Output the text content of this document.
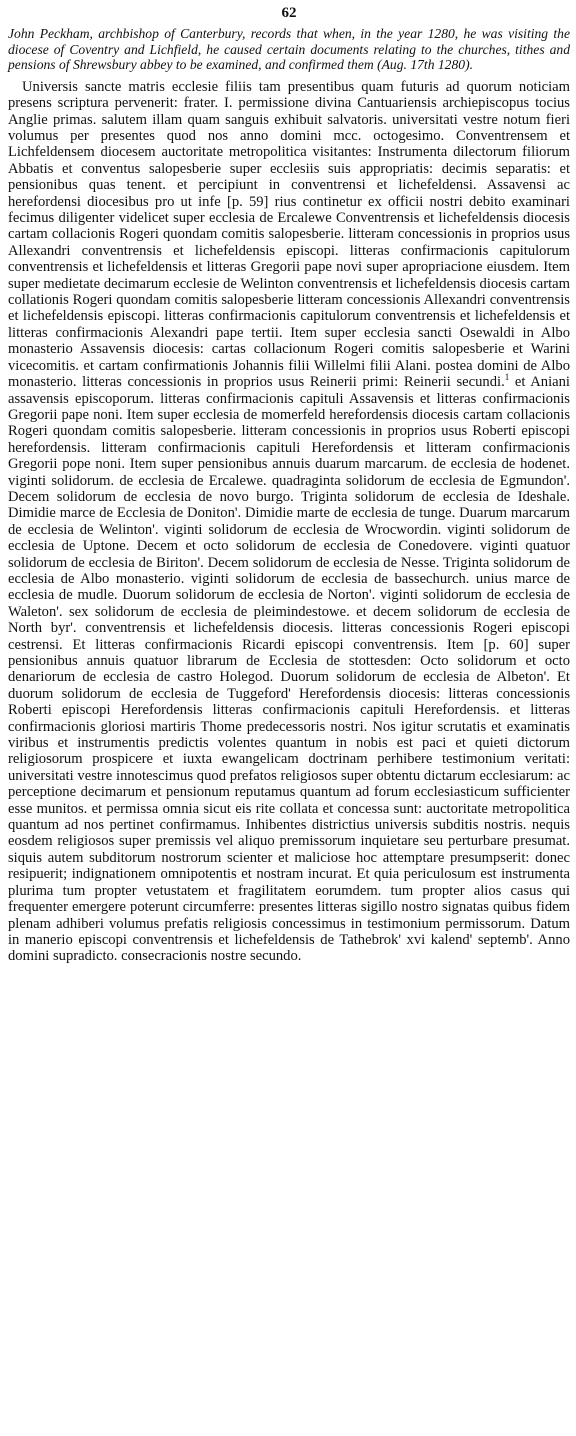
62

John Peckham, archbishop of Canterbury, records that when, in the year 1280, he was visiting the diocese of Coventry and Lichfield, he caused certain documents relating to the churches, tithes and pensions of Shrewsbury abbey to be examined, and confirmed them (Aug. 17th 1280).

Universis sancte matris ecclesie filiis tam presentibus quam futuris ad quorum noticiam presens scriptura pervenerit: frater. I. permissione divina Cantuariensis archiepiscopus tocius Anglie primas. salutem illam quam sanguis exhibuit salvatoris. universitati vestre notum fieri volumus per presentes quod nos anno domini mcc. octogesimo. Conventrensem et Lichfeldensem diocesem auctoritate metropolitica visitantes: Instrumenta dilectorum filiorum Abbatis et conventus salopesberie super ecclesiis suis appropriatis: decimis separatis: et pensionibus quas tenent. et percipiunt in conventrensi et lichefeldensi. Assavensi ac herefordensi diocesibus pro ut infe [p. 59] rius continetur ex officii nostri debito examinari fecimus diligenter videlicet super ecclesia de Ercalewe Conventrensis et lichefeldensis diocesis cartam collacionis Rogeri quondam comitis salopesberie. litteram concessionis in proprios usus Allexandri conventrensis et lichefeldensis episcopi. litteras confirmacionis capitulorum conventrensis et lichefeldensis et litteras Gregorii pape novi super apropriacione eiusdem. Item super medietate decimarum ecclesie de Welinton conventrensis et lichefeldensis diocesis cartam collationis Rogeri quondam comitis salopesberie litteram concessionis Allexandri conventrensis et lichefeldensis episcopi. litteras confirmacionis capitulorum conventrensis et lichefeldensis et litteras confirmacionis Alexandri pape tertii. Item super ecclesia sancti Osewaldi in Albo monasterio Assavensis diocesis: cartas collacionum Rogeri comitis salopesberie et Warini vicecomitis. et cartam confirmationis Johannis filii Willelmi filii Alani. postea domini de Albo monasterio. litteras concessionis in proprios usus Reinerii primi: Reinerii secundi.$^1$ et Aniani assavensis episcoporum. litteras confirmacionis capituli Assavensis et litteras confirmacionis Gregorii pape noni. Item super ecclesia de momerfeld herefordensis diocesis cartam collacionis Rogeri quondam comitis salopesberie. litteram concessionis in proprios usus Roberti episcopi herefordensis. litteram confirmacionis capituli Herefordensis et litteram confirmacionis Gregorii pope noni. Item super pensionibus annuis duarum marcarum. de ecclesia de hodenet. viginti solidorum. de ecclesia de Ercalewe. quadraginta solidorum de ecclesia de Egmundon'. Decem solidorum de ecclesia de novo burgo. Triginta solidorum de ecclesia de Ideshale. Dimidie marce de Ecclesia de Doniton'. Dimidie marte de ecclesia de tunge. Duarum marcarum de ecclesia de Welinton'. viginti solidorum de ecclesia de Wrocwordin. viginti solidorum de ecclesia de Uptone. Decem et octo solidorum de ecclesia de Conedovere. viginti quatuor solidorum de ecclesia de Biriton'. Decem solidorum de ecclesia de Nesse. Triginta solidorum de ecclesia de Albo monasterio. viginti solidorum de ecclesia de bassechurch. unius marce de ecclesia de mudle. Duorum solidorum de ecclesia de Norton'. viginti solidorum de ecclesia de Waleton'. sex solidorum de ecclesia de pleimindestowe. et decem solidorum de ecclesia de North byr'. conventrensis et lichefeldensis diocesis. litteras concessionis Rogeri episcopi cestrensi. Et litteras confirmacionis Ricardi episcopi conventrensis. Item [p. 60] super pensionibus annuis quatuor librarum de Ecclesia de stottesden: Octo solidorum et octo denariorum de ecclesia de castro Holegod. Duorum solidorum de ecclesia de Albeton'. Et duorum solidorum de ecclesia de Tuggeford' Herefordensis diocesis: litteras concessionis Roberti episcopi Herefordensis litteras confirmacionis capituli Herefordensis. et litteras confirmacionis gloriosi martiris Thome predecessoris nostri. Nos igitur scrutatis et examinatis viribus et instrumentis predictis volentes quantum in nobis est paci et quieti dictorum religiosorum prospicere et iuxta ewangelicam doctrinam perhibere testimonium veritati: universitati vestre innotescimus quod prefatos religiosos super obtentu dictarum ecclesiarum: ac perceptione decimarum et pensionum reputamus quantum ad forum ecclesiasticum sufficienter esse munitos. et permissa omnia sicut eis rite collata et concessa sunt: auctoritate metropolitica quantum ad nos pertinet confirmamus. Inhibentes districtius universis subditis nostris. nequis eosdem religiosos super premissis vel aliquo premissorum inquietare seu perturbare presumat. siquis autem subditorum nostrorum scienter et maliciose hoc attemptare presumpserit: donec resipuerit; indignationem omnipotentis et nostram incurat. Et quia periculosum est instrumenta plurima tum propter vetustatem et fragilitatem eorumdem. tum propter alios casus qui frequenter emergere poterunt circumferre: presentes litteras sigillo nostro signatas quibus fidem plenam adhiberi volumus prefatis religiosis concessimus in testimonium permissorum. Datum in manerio episcopi conventrensis et lichefeldensis de Tathebrok' xvi kalend' septemb'. Anno domini supradicto. consecracionis nostre secundo.
